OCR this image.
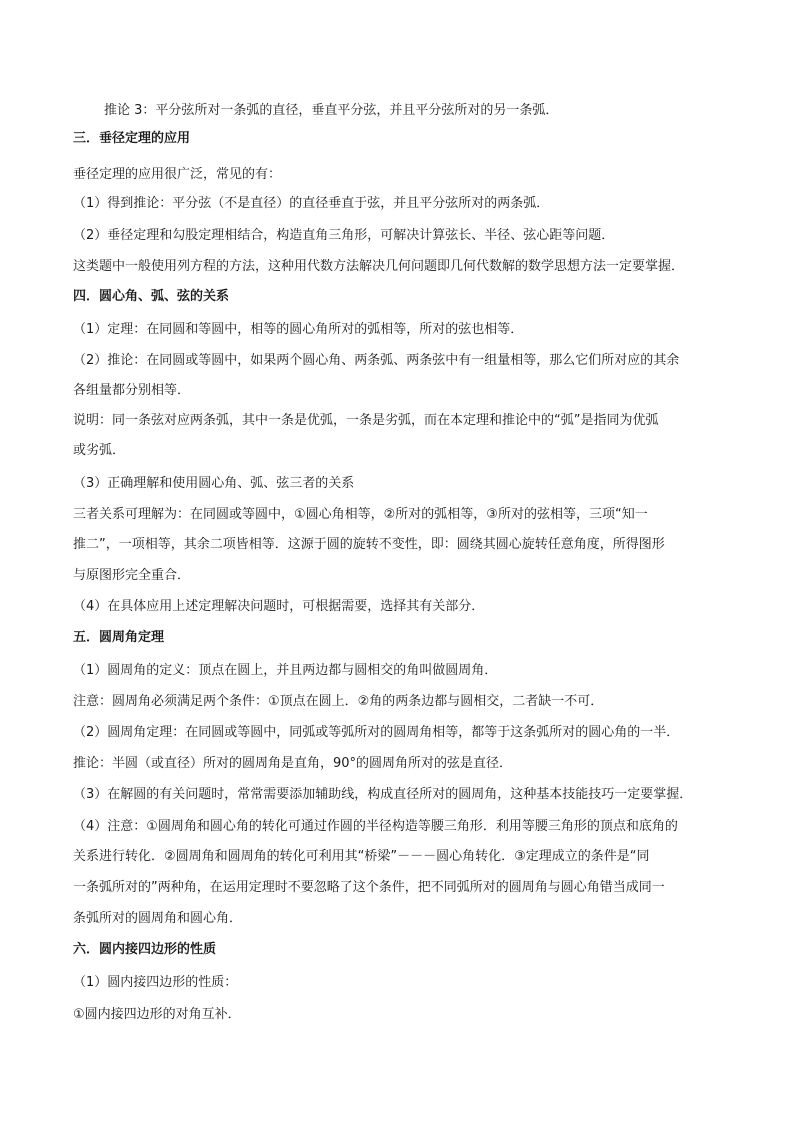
推论 3：平分弦所对一条弧的直径，垂直平分弦，并且平分弦所对的另一条弧．
三．垂径定理的应用
垂径定理的应用很广泛，常见的有：
（1）得到推论：平分弦（不是直径）的直径垂直于弦，并且平分弦所对的两条弧．
（2）垂径定理和勾股定理相结合，构造直角三角形，可解决计算弦长、半径、弦心距等问题．
这类题中一般使用列方程的方法，这种用代数方法解决几何问题即几何代数解的数学思想方法一定要掌握．
四．圆心角、弧、弦的关系
（1）定理：在同圆和等圆中，相等的圆心角所对的弧相等，所对的弦也相等．
（2）推论：在同圆或等圆中，如果两个圆心角、两条弧、两条弦中有一组量相等，那么它们所对应的其余
各组量都分别相等．
说明：同一条弦对应两条弧，其中一条是优弧，一条是劣弧，而在本定理和推论中的“弧”是指同为优弧
或劣弧．
（3）正确理解和使用圆心角、弧、弦三者的关系
三者关系可理解为：在同圆或等圆中，①圆心角相等，②所对的弧相等，③所对的弦相等，三项“知一
推二”，一项相等，其余二项皆相等．这源于圆的旋转不变性，即：圆绕其圆心旋转任意角度，所得图形
与原图形完全重合．
（4）在具体应用上述定理解决问题时，可根据需要，选择其有关部分．
五．圆周角定理
（1）圆周角的定义：顶点在圆上，并且两边都与圆相交的角叫做圆周角．
注意：圆周角必须满足两个条件：①顶点在圆上．②角的两条边都与圆相交，二者缺一不可．
（2）圆周角定理：在同圆或等圆中，同弧或等弧所对的圆周角相等，都等于这条弧所对的圆心角的一半．
推论：半圆（或直径）所对的圆周角是直角，90°的圆周角所对的弦是直径．
（3）在解圆的有关问题时，常常需要添加辅助线，构成直径所对的圆周角，这种基本技能技巧一定要掌握．
（4）注意：①圆周角和圆心角的转化可通过作圆的半径构造等腰三角形．利用等腰三角形的顶点和底角的
关系进行转化．②圆周角和圆周角的转化可利用其“桥梁”－－－圆心角转化．③定理成立的条件是“同
一条弧所对的”两种角，在运用定理时不要忽略了这个条件，把不同弧所对的圆周角与圆心角错当成同一
条弧所对的圆周角和圆心角．
六．圆内接四边形的性质
（1）圆内接四边形的性质：
①圆内接四边形的对角互补．
